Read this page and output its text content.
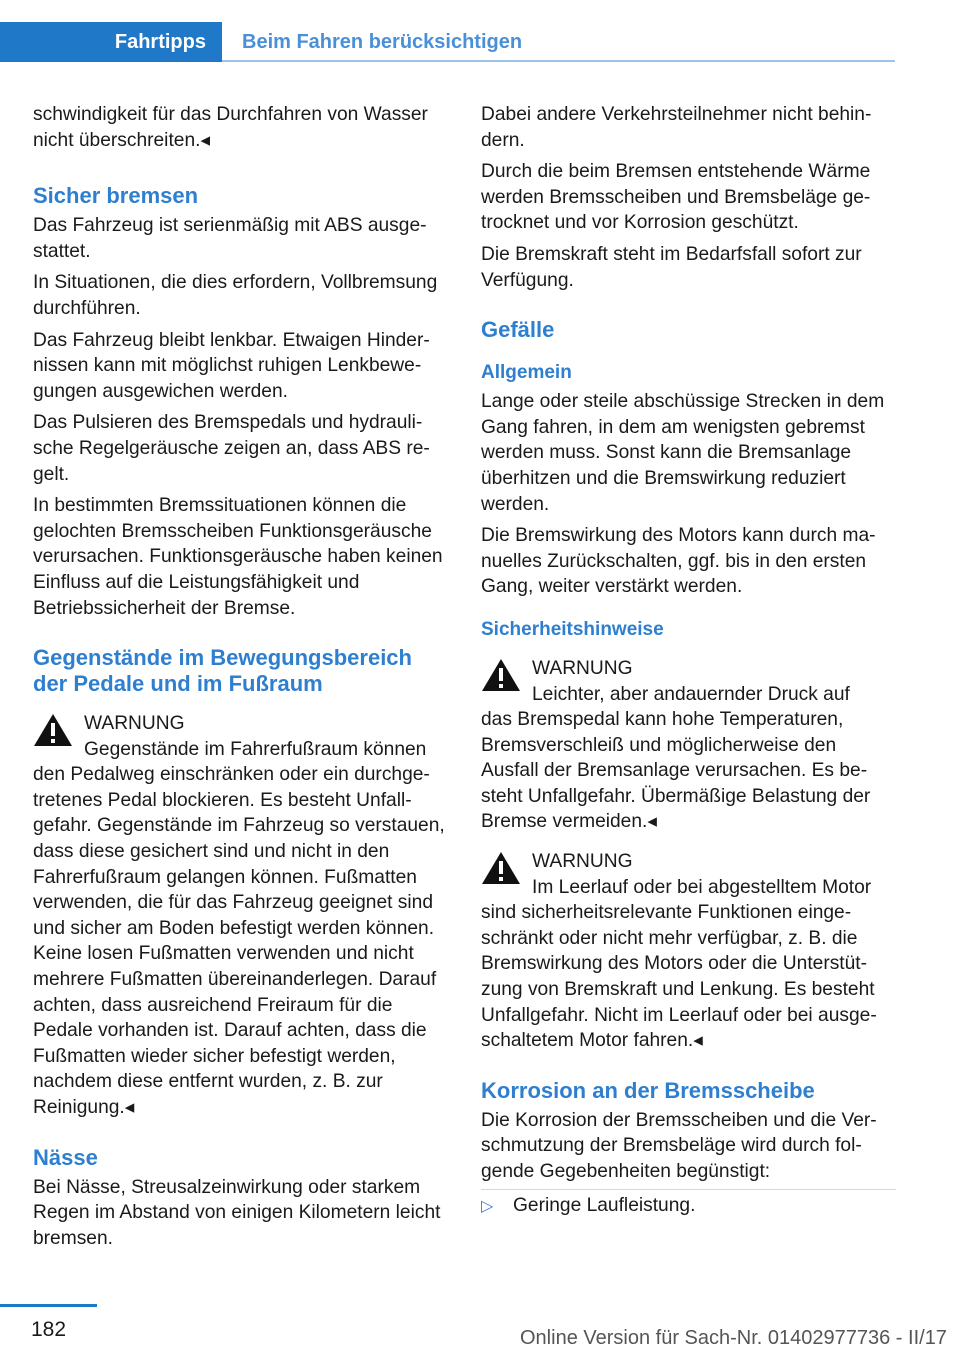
Fahrtipps	Beim Fahren berücksichtigen

schwindigkeit für das Durchfahren von Wasser nicht überschreiten.◂

Sicher bremsen

Das Fahrzeug ist serienmäßig mit ABS ausgestattet.

In Situationen, die dies erfordern, Vollbremsung durchführen.

Das Fahrzeug bleibt lenkbar. Etwaigen Hindernissen kann mit möglichst ruhigen Lenkbewegungen ausgewichen werden.

Das Pulsieren des Bremspedals und hydraulische Regelgeräusche zeigen an, dass ABS regelt.

In bestimmten Bremssituationen können die gelochten Bremsscheiben Funktionsgeräusche verursachen. Funktionsgeräusche haben keinen Einfluss auf die Leistungsfähigkeit und Betriebssicherheit der Bremse.

Gegenstände im Bewegungsbereich der Pedale und im Fußraum
WARNUNG
Gegenstände im Fahrerfußraum können
den Pedalweg einschränken oder ein durchgetretenes Pedal blockieren. Es besteht Unfallgefahr. Gegenstände im Fahrzeug so verstauen, dass diese gesichert sind und nicht in den Fahrerfußraum gelangen können. Fußmatten verwenden, die für das Fahrzeug geeignet sind und sicher am Boden befestigt werden können. Keine losen Fußmatten verwenden und nicht mehrere Fußmatten übereinanderlegen. Darauf achten, dass ausreichend Freiraum für die Pedale vorhanden ist. Darauf achten, dass die Fußmatten wieder sicher befestigt werden, nachdem diese entfernt wurden, z. B. zur Reinigung.◂
Nässe

Bei Nässe, Streusalzeinwirkung oder starkem Regen im Abstand von einigen Kilometern leicht bremsen.

Dabei andere Verkehrsteilnehmer nicht behindern.

Durch die beim Bremsen entstehende Wärme werden Bremsscheiben und Bremsbeläge getrocknet und vor Korrosion geschützt.

Die Bremskraft steht im Bedarfsfall sofort zur Verfügung.

Gefälle
Allgemein

Lange oder steile abschüssige Strecken in dem Gang fahren, in dem am wenigsten gebremst werden muss. Sonst kann die Bremsanlage überhitzen und die Bremswirkung reduziert werden.

Die Bremswirkung des Motors kann durch manuelles Zurückschalten, ggf. bis in den ersten Gang, weiter verstärkt werden.

Sicherheitshinweise
WARNUNG
Leichter, aber andauernder Druck auf
das Bremspedal kann hohe Temperaturen, Bremsverschleiß und möglicherweise den Ausfall der Bremsanlage verursachen. Es besteht Unfallgefahr. Übermäßige Belastung der Bremse vermeiden.◂
WARNUNG
Im Leerlauf oder bei abgestelltem Motor
sind sicherheitsrelevante Funktionen eingeschränkt oder nicht mehr verfügbar, z. B. die Bremswirkung des Motors oder die Unterstützung von Bremskraft und Lenkung. Es besteht Unfallgefahr. Nicht im Leerlauf oder bei ausgeschaltetem Motor fahren.◂
Korrosion an der Bremsscheibe

Die Korrosion der Bremsscheiben und die Verschmutzung der Bremsbeläge wird durch folgende Gegebenheiten begünstigt:

▷ Geringe Laufleistung.
182	Online Version für Sach-Nr. 01402977736 - II/17
